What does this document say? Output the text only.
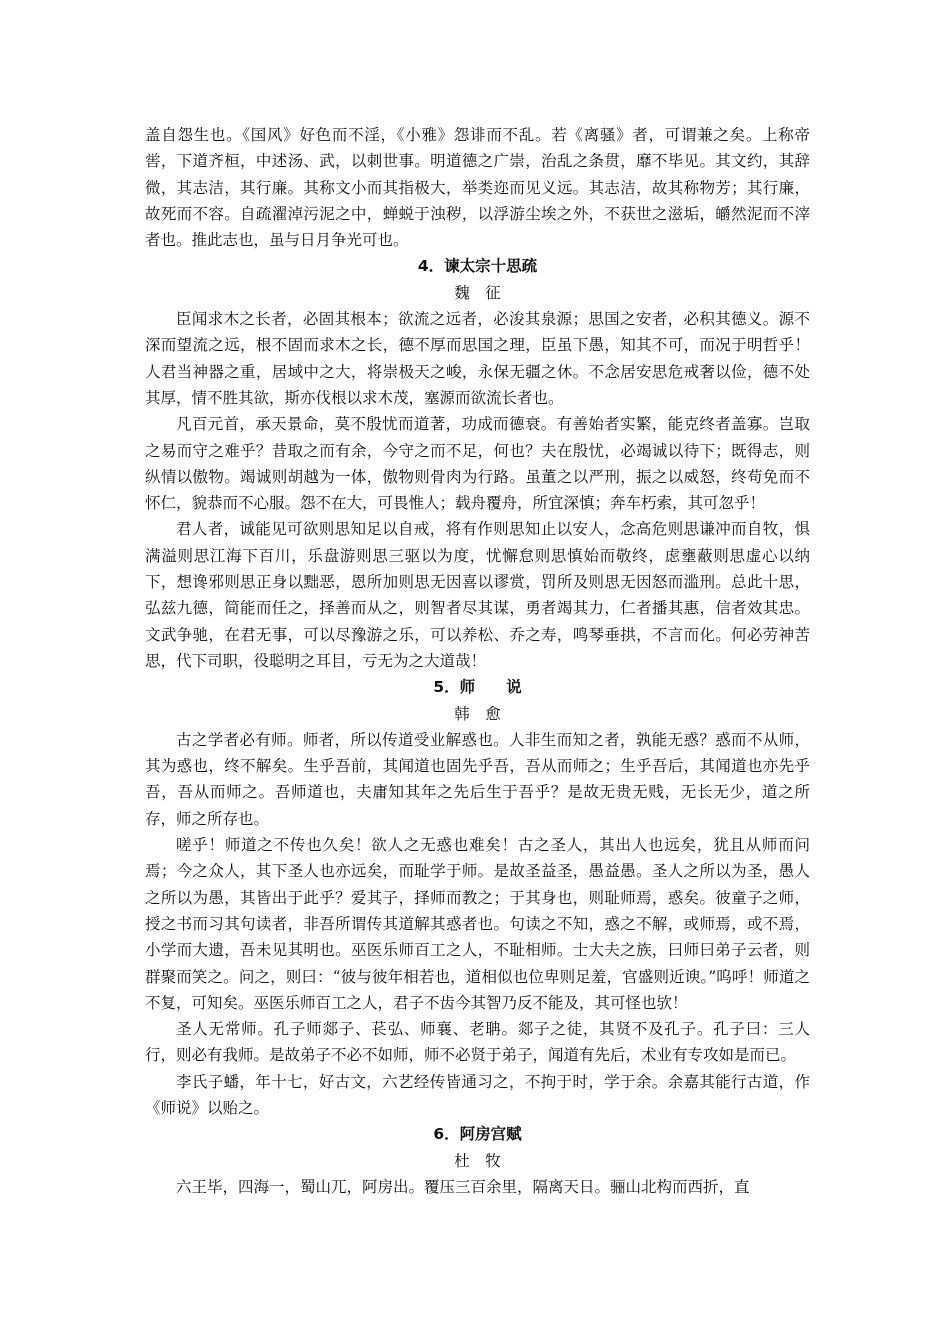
盖自怨生也。《国风》好色而不淫，《小雅》怨诽而不乱。若《离骚》者，可谓兼之矣。上称帝喾，下道齐桓，中述汤、武，以刺世事。明道德之广崇，治乱之条贯，靡不毕见。其文约，其辞微，其志洁，其行廉。其称文小而其指极大，举类迩而见义远。其志洁，故其称物芳；其行廉，故死而不容。自疏濯淖污泥之中，蝉蜕于浊秽，以浮游尘埃之外，不获世之滋垢，皭然泥而不滓者也。推此志也，虽与日月争光可也。

4．谏太宗十思疏

魏　征

臣闻求木之长者，必固其根本；欲流之远者，必浚其泉源；思国之安者，必积其德义。源不深而望流之远，根不固而求木之长，德不厚而思国之理，臣虽下愚，知其不可，而况于明哲乎！人君当神器之重，居域中之大，将崇极天之峻，永保无疆之休。不念居安思危戒奢以俭，德不处其厚，情不胜其欲，斯亦伐根以求木茂，塞源而欲流长者也。

凡百元首，承天景命，莫不殷忧而道著，功成而德衰。有善始者实繁，能克终者盖寡。岂取之易而守之难乎？昔取之而有余，今守之而不足，何也？夫在殷忧，必竭诚以待下；既得志，则纵情以傲物。竭诚则胡越为一体，傲物则骨肉为行路。虽董之以严刑，振之以威怒，终苟免而不怀仁，貌恭而不心服。怨不在大，可畏惟人；载舟覆舟，所宜深慎；奔车朽索，其可忽乎！

君人者，诚能见可欲则思知足以自戒，将有作则思知止以安人，念高危则思谦冲而自牧，惧满溢则思江海下百川，乐盘游则思三驱以为度，忧懈怠则思慎始而敬终，虑壅蔽则思虚心以纳下，想谗邪则思正身以黜恶，恩所加则思无因喜以谬赏，罚所及则思无因怒而滥刑。总此十思，弘兹九德，简能而任之，择善而从之，则智者尽其谋，勇者竭其力，仁者播其惠，信者效其忠。文武争驰，在君无事，可以尽豫游之乐，可以养松、乔之寿，鸣琴垂拱，不言而化。何必劳神苦思，代下司职，役聪明之耳目，亏无为之大道哉！

5．师　　说

韩　愈

古之学者必有师。师者，所以传道受业解惑也。人非生而知之者，孰能无惑？惑而不从师，其为惑也，终不解矣。生乎吾前，其闻道也固先乎吾，吾从而师之；生乎吾后，其闻道也亦先乎吾，吾从而师之。吾师道也，夫庸知其年之先后生于吾乎？是故无贵无贱，无长无少，道之所存，师之所存也。

嗟乎！师道之不传也久矣！欲人之无惑也难矣！古之圣人，其出人也远矣，犹且从师而问焉；今之众人，其下圣人也亦远矣，而耻学于师。是故圣益圣，愚益愚。圣人之所以为圣，愚人之所以为愚，其皆出于此乎？爱其子，择师而教之；于其身也，则耻师焉，惑矣。彼童子之师，授之书而习其句读者，非吾所谓传其道解其惑者也。句读之不知，惑之不解，或师焉，或不焉，小学而大遗，吾未见其明也。巫医乐师百工之人，不耻相师。士大夫之族，曰师曰弟子云者，则群聚而笑之。问之，则曰：“彼与彼年相若也，道相似也位卑则足羞，官盛则近谀。”呜呼！师道之不复，可知矣。巫医乐师百工之人，君子不齿今其智乃反不能及，其可怪也欤！

圣人无常师。孔子师郯子、苌弘、师襄、老聃。郯子之徒，其贤不及孔子。孔子曰：三人行，则必有我师。是故弟子不必不如师，师不必贤于弟子，闻道有先后，术业有专攻如是而已。

李氏子蟠，年十七，好古文，六艺经传皆通习之，不拘于时，学于余。余嘉其能行古道，作《师说》以贻之。

6．阿房宫赋

杜　牧

六王毕，四海一，蜀山兀，阿房出。覆压三百余里，隔离天日。骊山北构而西折，直
